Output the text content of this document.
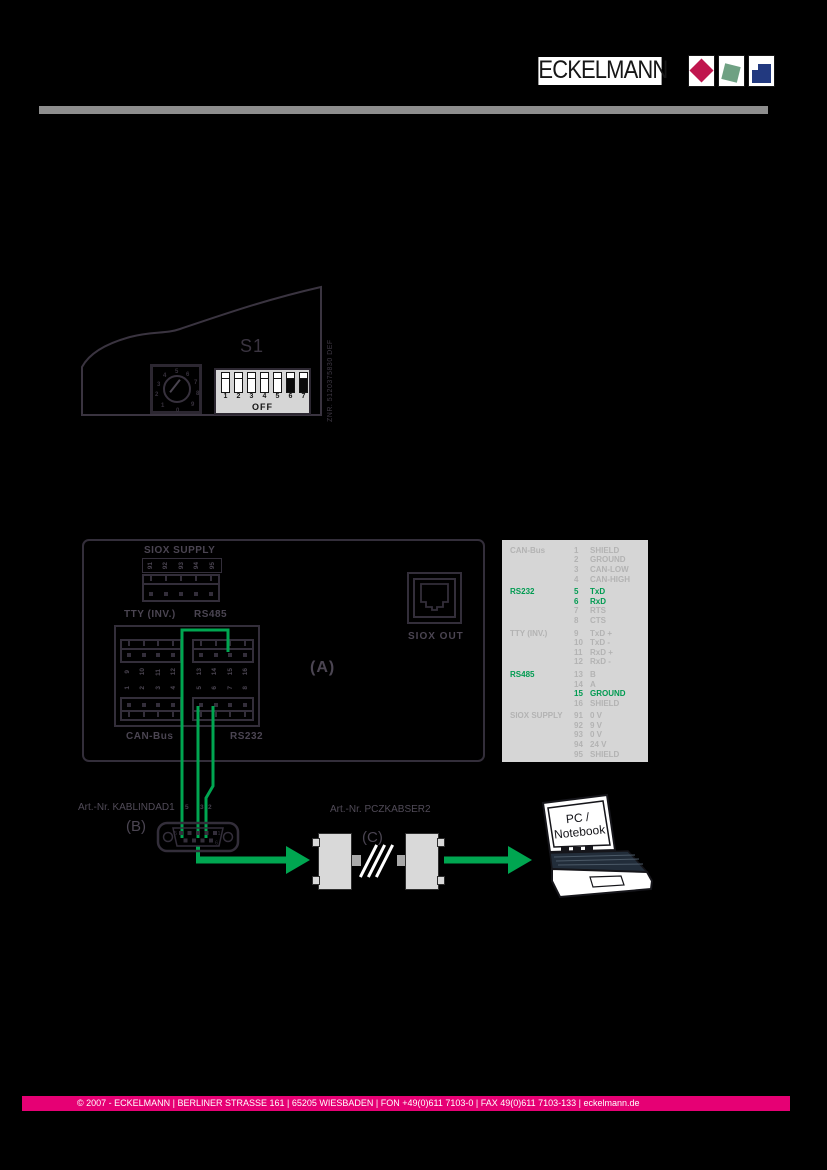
ECKELMANN
ZNR. 5120375830 DEF
S1
0
1
2
3
4
5 6
7
8
9
1	2	3	4	5	6	7
OFF
SIOX SUPPLY
91 92 93 94 95
TTY (INV.) RS485
9 10 11 12	13 14 15 16
1 2 3 4	5 6 7 8
CAN-Bus	RS232
(A)
SIOX OUT
CAN-Bus	1	SHIELD
2	GROUND
3	CAN-LOW
4	CAN-HIGH
RS232	5	TxD
6	RxD
7	RTS
8	CTS
TTY (INV.)	9	TxD +
10 TxD -
11 RxD +
12 RxD -
RS485	13 B
14 A
15 GROUND
16 SHIELD
SIOX SUPPLY	91 0 V
92 9 V
93 0 V
94 24 V
95 SHIELD
5 3 2
Art.-Nr. KABLINDAD1
(B)	5	1
6
Art.-Nr. PCZKABSER2
(C)
PC /
Notebook
© 2007 - ECKELMANN | BERLINER STRASSE 161 | 65205 WIESBADEN | FON +49(0)611 7103-0 | FAX 49(0)611 7103-133 | eckelmann.de
